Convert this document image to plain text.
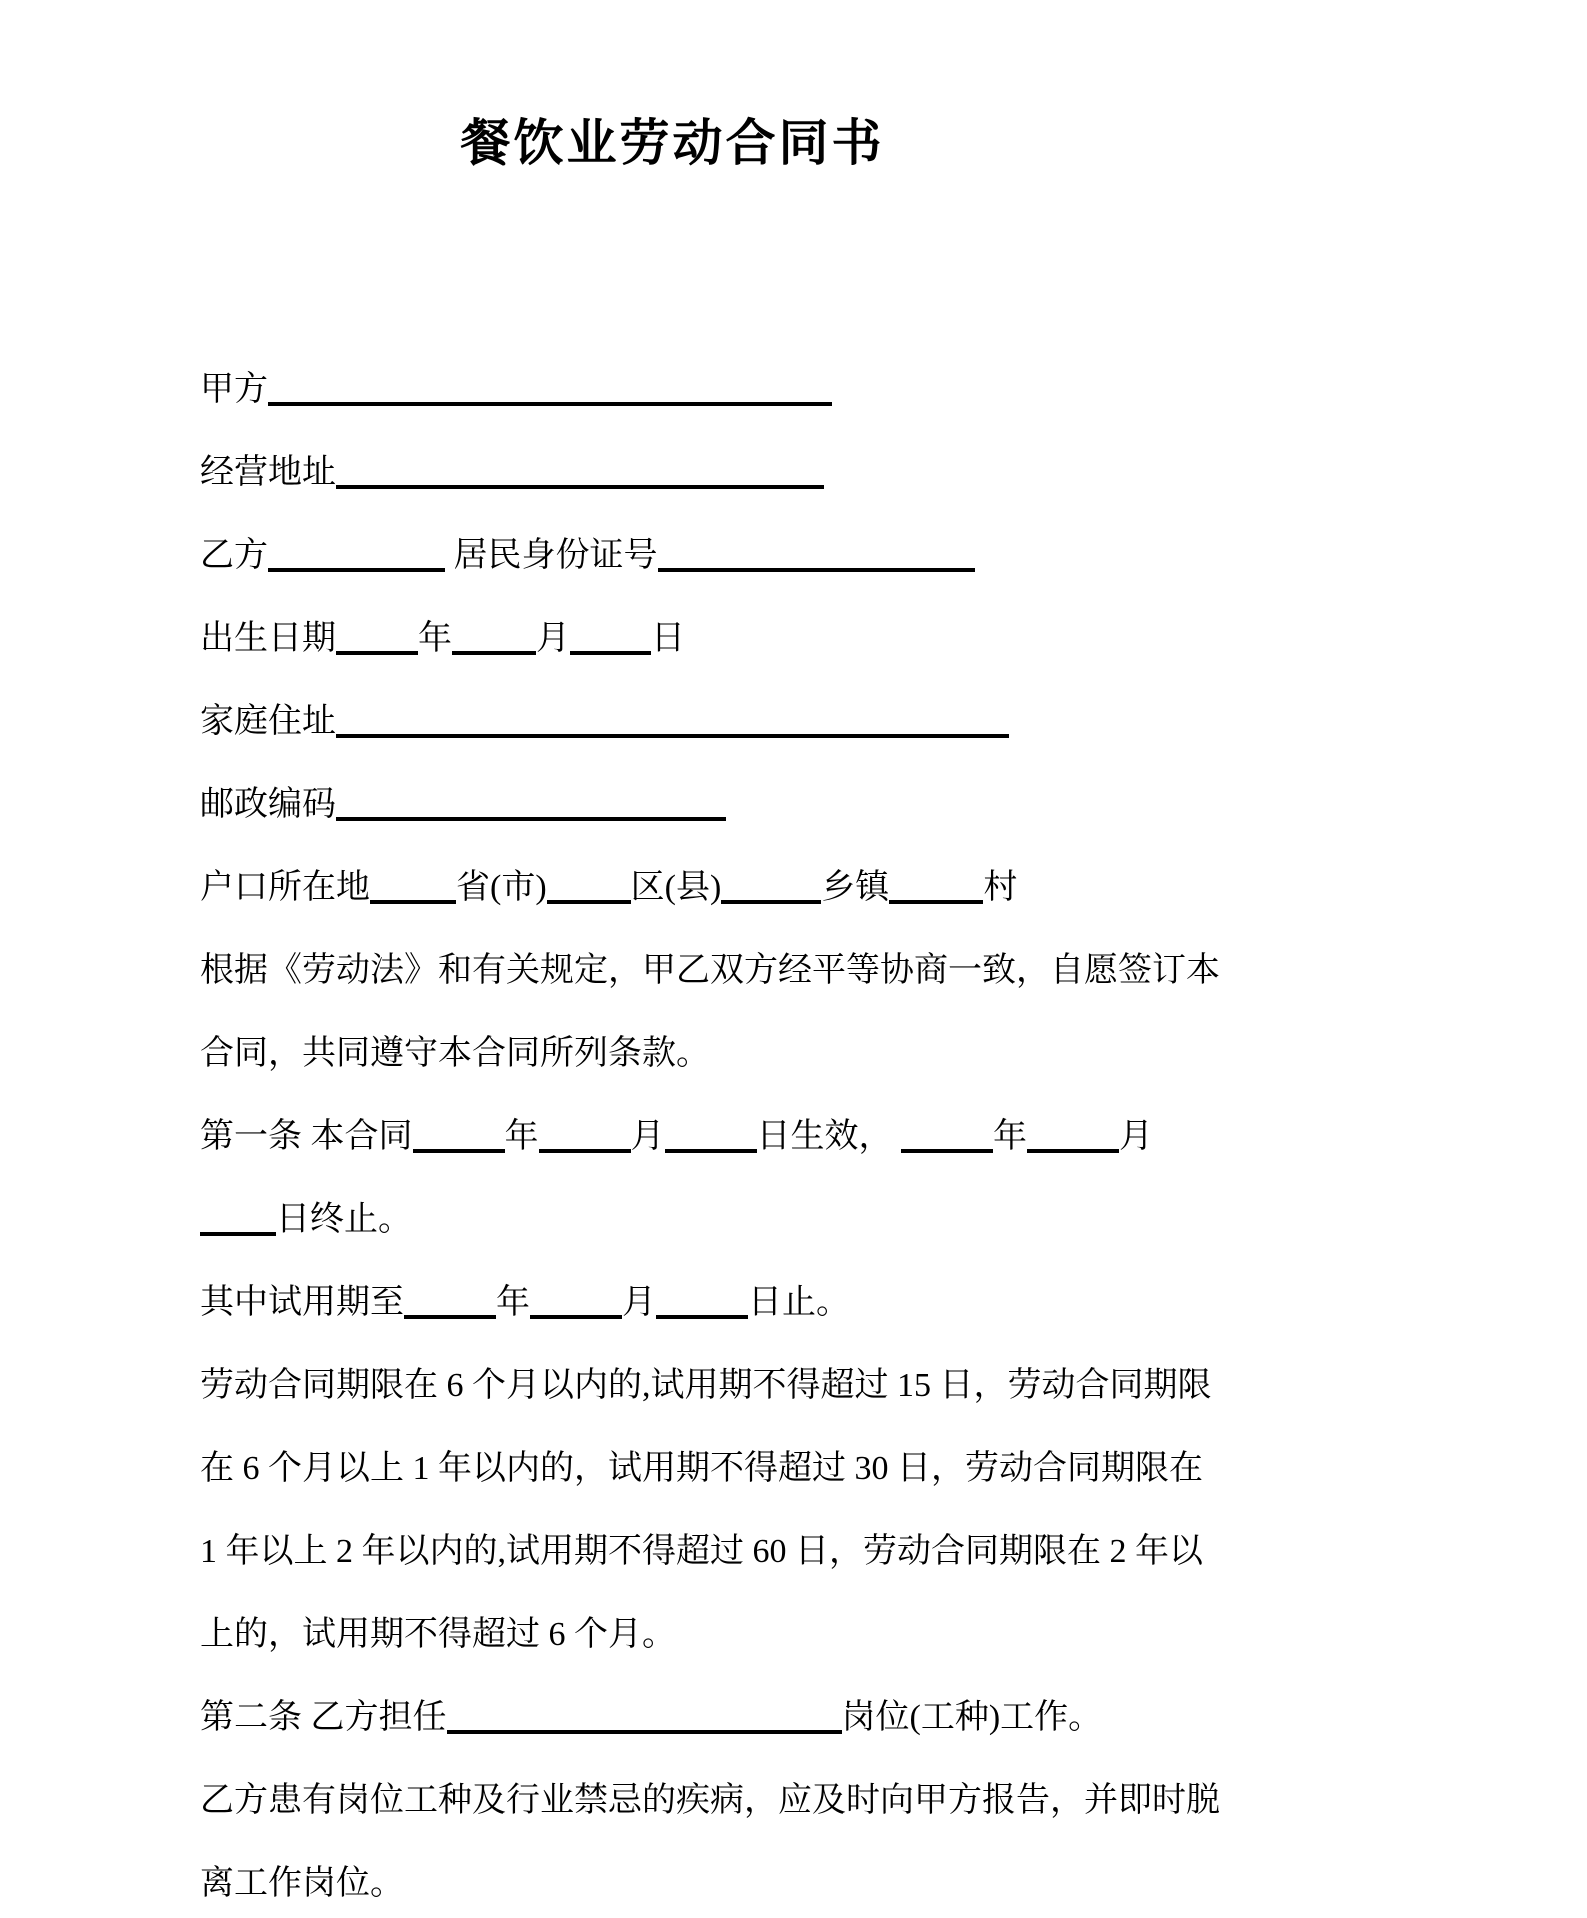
餐饮业劳动合同书
甲方
经营地址
乙方	居民身份证号
出生日期 年 月 日
家庭住址
邮政编码
户口所在地	省(市) 区(县)	乡镇	村
根据《劳动法》和有关规定，甲乙双方经平等协商一致，自愿签订本
合同，共同遵守本合同所列条款。
第一条 本合同	年	月	日生效，	年	月
日终止。
其中试用期至	年	月	日止。
劳动合同期限在 6 个月以内的,试用期不得超过 15 日，劳动合同期限
在 6 个月以上 1 年以内的，试用期不得超过 30 日，劳动合同期限在
1 年以上 2 年以内的,试用期不得超过 60 日，劳动合同期限在 2 年以
上的，试用期不得超过 6 个月。
第二条 乙方担任	岗位(工种)工作。
乙方患有岗位工种及行业禁忌的疾病，应及时向甲方报告，并即时脱
离工作岗位。
